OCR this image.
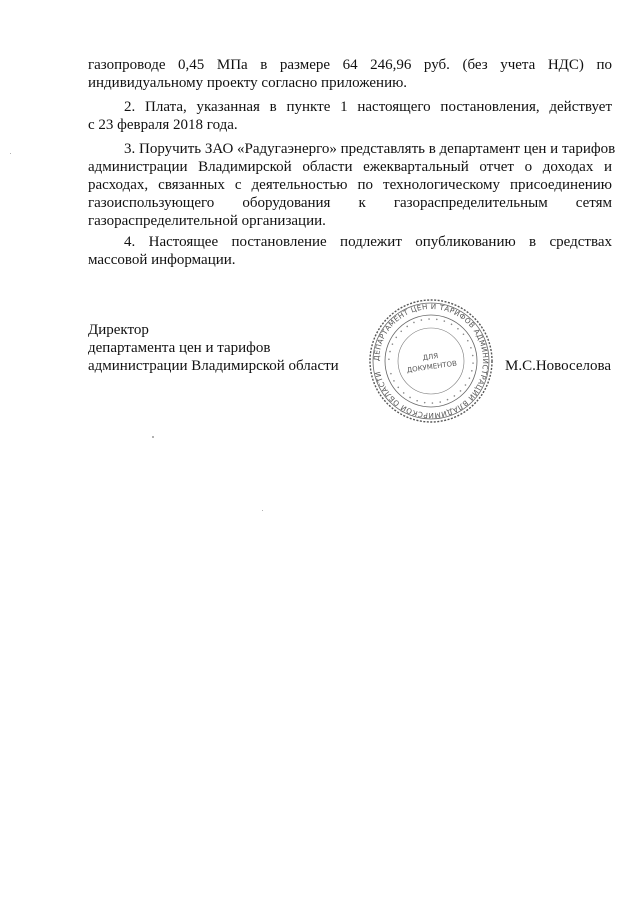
газопроводе 0,45 МПа в размере 64 246,96 руб. (без учета НДС) по
индивидуальному проекту согласно приложению.
2. Плата, указанная в пункте 1 настоящего постановления, действует
с 23 февраля 2018 года.
3. Поручить ЗАО «Радугаэнерго» представлять в департамент цен и тарифов
администрации Владимирской области ежеквартальный отчет о доходах и
расходах, связанных с деятельностью по технологическому присоединению
газоиспользующего оборудования к газораспределительным сетям
газораспределительной организации.
4. Настоящее постановление подлежит опубликованию в средствах
массовой информации.
Директор
департамента цен и тарифов
администрации Владимирской области
ДЕПАРТАМЕНТ ЦЕН И ТАРИФОВ АДМИНИСТРАЦИИ ВЛАДИМИРСКОЙ ОБЛАСТИ
• • • • • • • • • • • • • • • • • • • • • • • • • • • • • • • • •
ДЛЯ
ДОКУМЕНТОВ	М.С.Новоселова
